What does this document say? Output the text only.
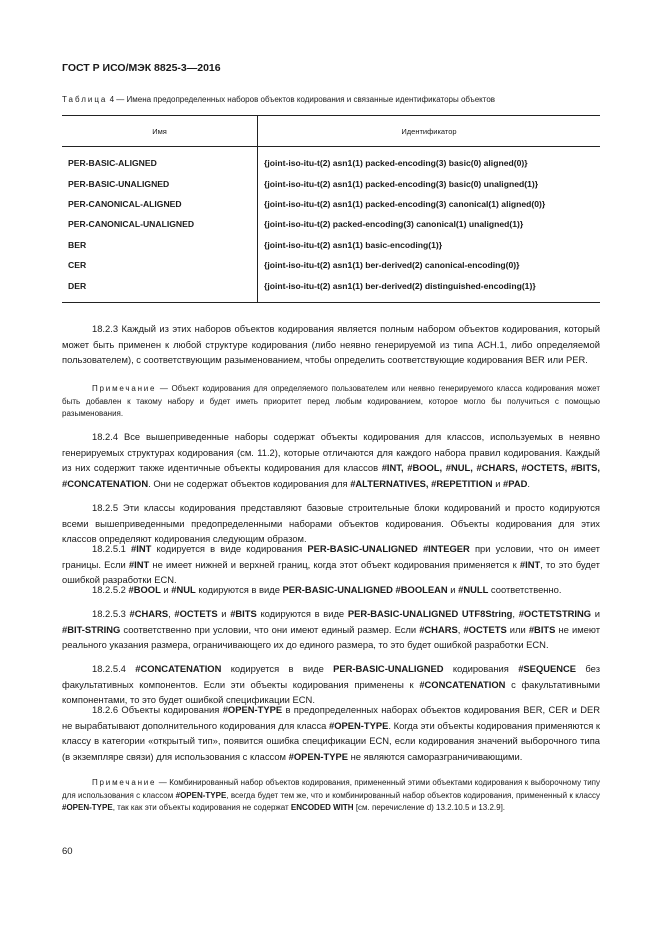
ГОСТ Р ИСО/МЭК 8825-3—2016
Таблица 4 — Имена предопределенных наборов объектов кодирования и связанные идентификаторы объектов
Имя	Идентификатор
PER-BASIC-ALIGNED	{joint-iso-itu-t(2) asn1(1) packed-encoding(3) basic(0) aligned(0)}
PER-BASIC-UNALIGNED	{joint-iso-itu-t(2) asn1(1) packed-encoding(3) basic(0) unaligned(1)}
PER-CANONICAL-ALIGNED	{joint-iso-itu-t(2) asn1(1) packed-encoding(3) canonical(1) aligned(0)}
PER-CANONICAL-UNALIGNED	{joint-iso-itu-t(2) packed-encoding(3) canonical(1) unaligned(1)}
BER	{joint-iso-itu-t(2) asn1(1) basic-encoding(1)}
CER	{joint-iso-itu-t(2) asn1(1) ber-derived(2) canonical-encoding(0)}
DER	{joint-iso-itu-t(2) asn1(1) ber-derived(2) distinguished-encoding(1)}
18.2.3 Каждый из этих наборов объектов кодирования является полным набором объектов кодирования, который может быть применен к любой структуре кодирования (либо неявно генерируемой из типа АСН.1, либо определяемой пользователем), с соответствующим разыменованием, чтобы определить соответствующие кодирования BER или PER.
Примечание — Объект кодирования для определяемого пользователем или неявно генерируемого класса кодирования может быть добавлен к такому набору и будет иметь приоритет перед любым кодированием, которое могло бы получиться с помощью разыменования.
18.2.4 Все вышеприведенные наборы содержат объекты кодирования для классов, используемых в неявно генерируемых структурах кодирования (см. 11.2), которые отличаются для каждого набора правил кодирования. Каждый из них содержит также идентичные объекты кодирования для классов #INT, #BOOL, #NUL, #CHARS, #OCTETS, #BITS, #CONCATENATION. Они не содержат объектов кодирования для #ALTERNATIVES, #REPETITION и #PAD.
18.2.5 Эти классы кодирования представляют базовые строительные блоки кодирований и просто кодируются всеми вышеприведенными предопределенными наборами объектов кодирования. Объекты кодирования для этих классов определяют кодирования следующим образом.
18.2.5.1 #INT кодируется в виде кодирования PER-BASIC-UNALIGNED #INTEGER при условии, что он имеет границы. Если #INT не имеет нижней и верхней границ, когда этот объект кодирования применяется к #INT, то это будет ошибкой разработки ECN.
18.2.5.2 #BOOL и #NUL кодируются в виде PER-BASIC-UNALIGNED #BOOLEAN и #NULL соответственно.
18.2.5.3 #CHARS, #OCTETS и #BITS кодируются в виде PER-BASIC-UNALIGNED UTF8String, #OCTETSTRING и #BIT-STRING соответственно при условии, что они имеют единый размер. Если #CHARS, #OCTETS или #BITS не имеют реального указания размера, ограничивающего их до единого размера, то это будет ошибкой разработки ECN.
18.2.5.4 #CONCATENATION кодируется в виде PER-BASIC-UNALIGNED кодирования #SEQUENCE без факультативных компонентов. Если эти объекты кодирования применены к #CONCATENATION с факультативными компонентами, то это будет ошибкой спецификации ECN.
18.2.6 Объекты кодирования #OPEN-TYPE в предопределенных наборах объектов кодирования BER, CER и DER не вырабатывают дополнительного кодирования для класса #OPEN-TYPE. Когда эти объекты кодирования применяются к классу в категории «открытый тип», появится ошибка спецификации ECN, если кодирования значений выборочного типа (в экземпляре связи) для использования с классом #OPEN-TYPE не являются саморазграничивающими.
Примечание — Комбинированный набор объектов кодирования, примененный этими объектами кодирования к выборочному типу для использования с классом #OPEN-TYPE, всегда будет тем же, что и комбинированный набор объектов кодирования, примененный к классу #OPEN-TYPE, так как эти объекты кодирования не содержат ENCODED WITH [см. перечисление d) 13.2.10.5 и 13.2.9].
60
